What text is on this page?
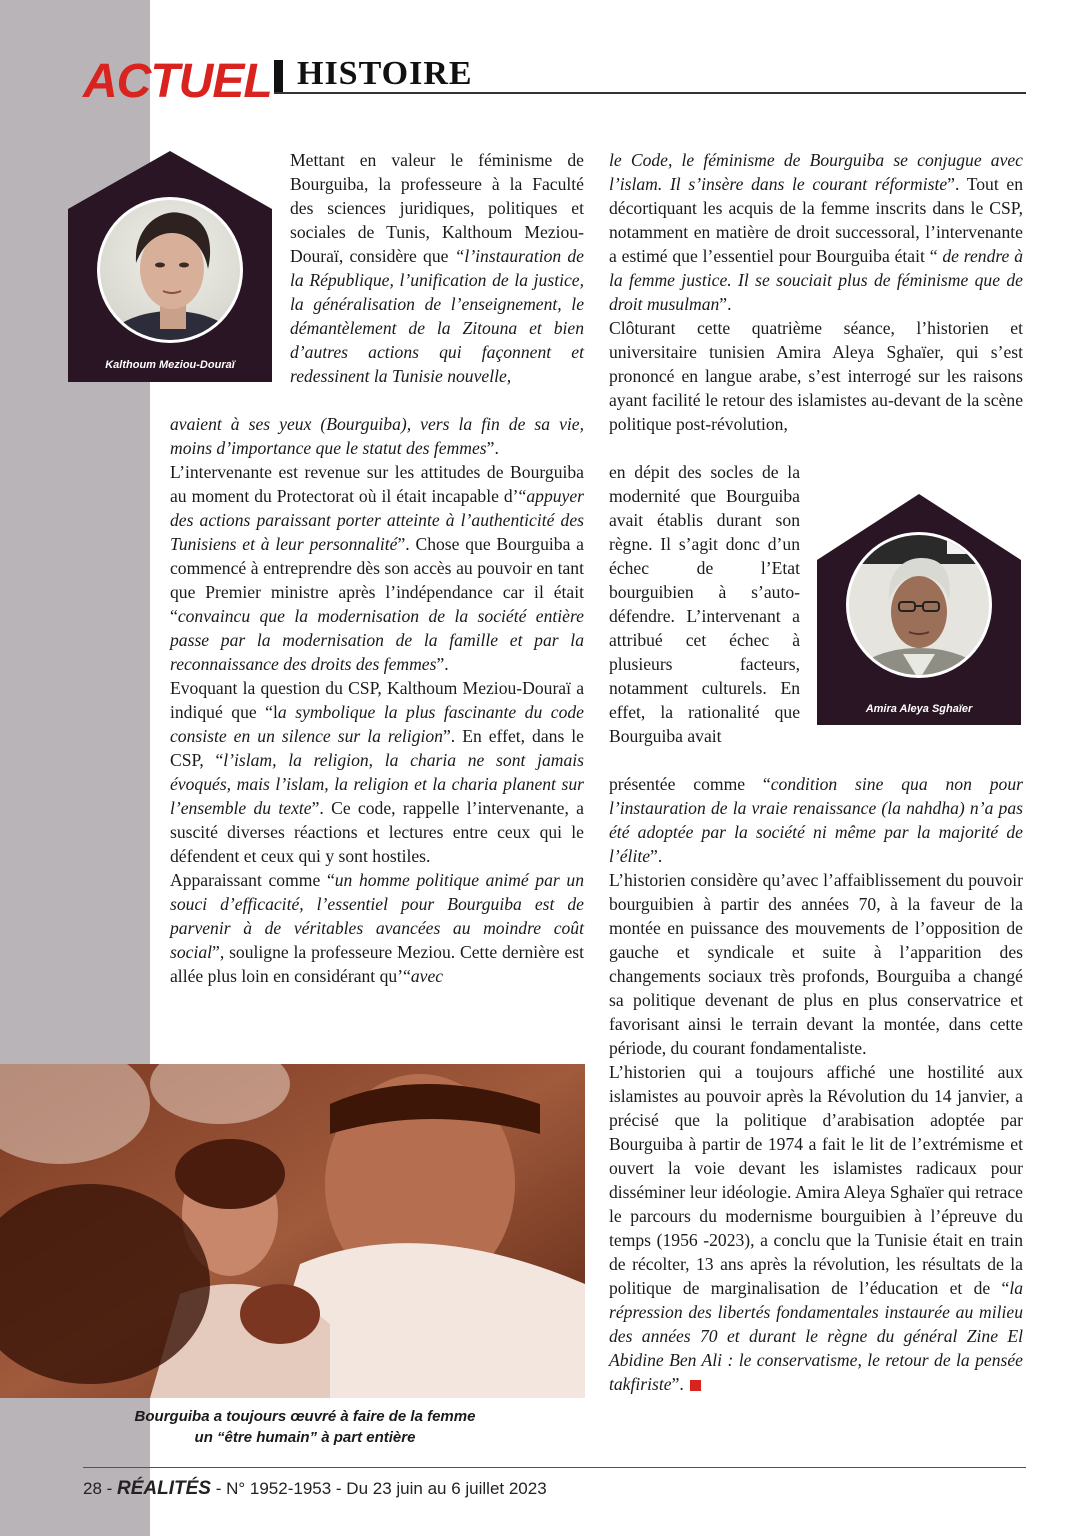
ACTUEL HISTOIRE
Kalthoum Meziou-Douraï
Amira Aleya Sghaïer

Mettant en valeur le féminisme de Bourguiba, la professeure à la Faculté des sciences juridiques, politiques et sociales de Tunis, Kalthoum Meziou-Douraï, considère que “l’instauration de la République, l’unification de la justice, la généralisation de l’enseignement, le démantèlement de la Zitouna et bien d’autres actions qui façonnent et redessinent la Tunisie nouvelle,

avaient à ses yeux (Bourguiba), vers la fin de sa vie, moins d’importance que le statut des femmes”.

L’intervenante est revenue sur les attitudes de Bourguiba au moment du Protectorat où il était incapable d’“appuyer des actions paraissant porter atteinte à l’authenticité des Tunisiens et à leur personnalité”. Chose que Bourguiba a commencé à entreprendre dès son accès au pouvoir en tant que Premier ministre après l’indépendance car il était “convaincu que la modernisation de la société entière passe par la modernisation de la famille et par la reconnaissance des droits des femmes”.

Evoquant la question du CSP, Kalthoum Meziou-Douraï a indiqué que “la symbolique la plus fascinante du code consiste en un silence sur la religion”. En effet, dans le CSP, “l’islam, la religion, la charia ne sont jamais évoqués, mais l’islam, la religion et la charia planent sur l’ensemble du texte”. Ce code, rappelle l’intervenante, a suscité diverses réactions et lectures entre ceux qui le défendent et ceux qui y sont hostiles.

Apparaissant comme “un homme politique animé par un souci d’efficacité, l’essentiel pour Bourguiba est de parvenir à de véritables avancées au moindre coût social”, souligne la professeure Meziou. Cette dernière est allée plus loin en considérant qu’“avec

le Code, le féminisme de Bourguiba se conjugue avec l’islam. Il s’insère dans le courant réformiste”. Tout en décortiquant les acquis de la femme inscrits dans le CSP, notamment en matière de droit successoral, l’intervenante a estimé que l’essentiel pour Bourguiba était “ de rendre à la femme justice. Il se souciait plus de féminisme que de droit musulman”.

Clôturant cette quatrième séance, l’historien et universitaire tunisien Amira Aleya Sghaïer, qui s’est prononcé en langue arabe, s’est interrogé sur les raisons ayant facilité le retour des islamistes au-devant de la scène politique post-révolution,

en dépit des socles de la modernité que Bourguiba avait établis durant son règne. Il s’agit donc d’un échec de l’Etat bourguibien à s’auto-défendre. L’intervenant a attribué cet échec à plusieurs facteurs, notamment culturels. En effet, la rationalité que Bourguiba avait

présentée comme “condition sine qua non pour l’instauration de la vraie renaissance (la nahdha) n’a pas été adoptée par la société ni même par la majorité de l’élite”.

L’historien considère qu’avec l’affaiblissement du pouvoir bourguibien à partir des années 70, à la faveur de la montée en puissance des mouvements de l’opposition de gauche et syndicale et suite à l’apparition des changements sociaux très profonds, Bourguiba a changé sa politique devenant de plus en plus conservatrice et favorisant ainsi le terrain devant la montée, dans cette période, du courant fondamentaliste.

L’historien qui a toujours affiché une hostilité aux islamistes au pouvoir après la Révolution du 14 janvier, a précisé que la politique d’arabisation adoptée par Bourguiba à partir de 1974 a fait le lit de l’extrémisme et ouvert la voie devant les islamistes radicaux pour disséminer leur idéologie. Amira Aleya Sghaïer qui retrace le parcours du modernisme bourguibien à l’épreuve du temps (1956 -2023), a conclu que la Tunisie était en train de récolter, 13 ans après la révolution, les résultats de la politique de marginalisation de l’éducation et de “la répression des libertés fondamentales instaurée au milieu des années 70 et durant le règne du général Zine El Abidine Ben Ali : le conservatisme, le retour de la pensée takfiriste”.

Bourguiba a toujours œuvré à faire de la femme
un “être humain” à part entière
28 - RÉALITÉS - N° 1952-1953 - Du 23 juin au 6 juillet 2023
